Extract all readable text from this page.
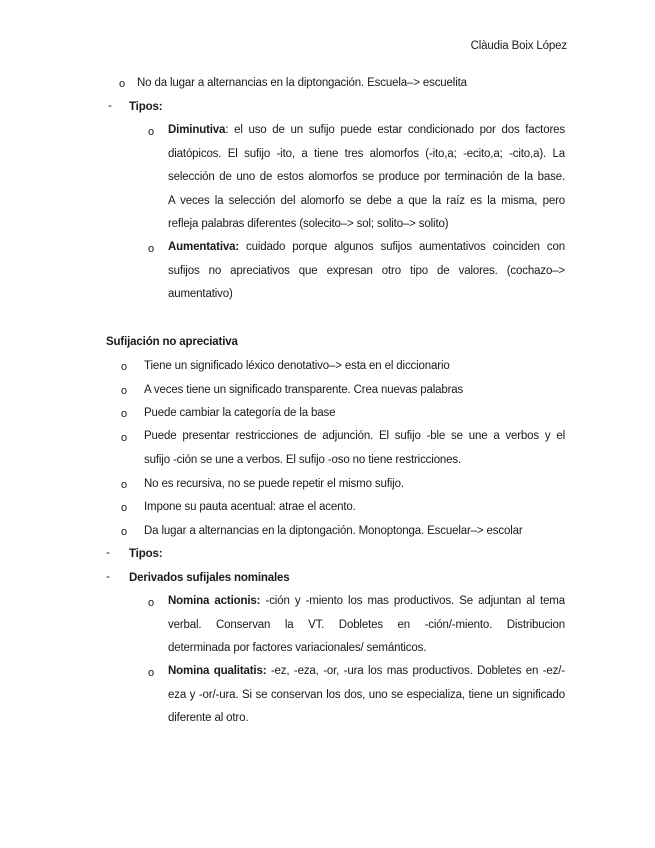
Clàudia Boix López
o No da lugar a alternancias en la diptongación. Escuela–> escuelita
- Tipos:
o Diminutiva: el uso de un sufijo puede estar condicionado por dos factores
diatópicos. El sufijo -ito, a tiene tres alomorfos (-ito,a; -ecito,a; -cito,a). La
selección de uno de estos alomorfos se produce por terminación de la base.
A veces la selección del alomorfo se debe a que la raíz es la misma, pero
refleja palabras diferentes (solecito–> sol; solito–> solito)
o Aumentativa: cuidado porque algunos sufijos aumentativos coinciden con
sufijos no apreciativos que expresan otro tipo de valores. (cochazo–>
aumentativo)
Sufijación no apreciativa
o Tiene un significado léxico denotativo–> esta en el diccionario
o A veces tiene un significado transparente. Crea nuevas palabras
o Puede cambiar la categoría de la base
o Puede presentar restricciones de adjunción. El sufijo -ble se une a verbos y el
sufijo -ción se une a verbos. El sufijo -oso no tiene restricciones.
o No es recursiva, no se puede repetir el mismo sufijo.
o Impone su pauta acentual: atrae el acento.
o Da lugar a alternancias en la diptongación. Monoptonga. Escuelar–> escolar
- Tipos:
- Derivados sufijales nominales
o Nomina actionis: -ción y -miento los mas productivos. Se adjuntan al tema
verbal. Conservan la VT. Dobletes en -ción/-miento. Distribucion
determinada por factores variacionales/ semánticos.
o Nomina qualitatis: -ez, -eza, -or, -ura los mas productivos. Dobletes en -ez/-
eza y -or/-ura. Si se conservan los dos, uno se especializa, tiene un significado
diferente al otro.
